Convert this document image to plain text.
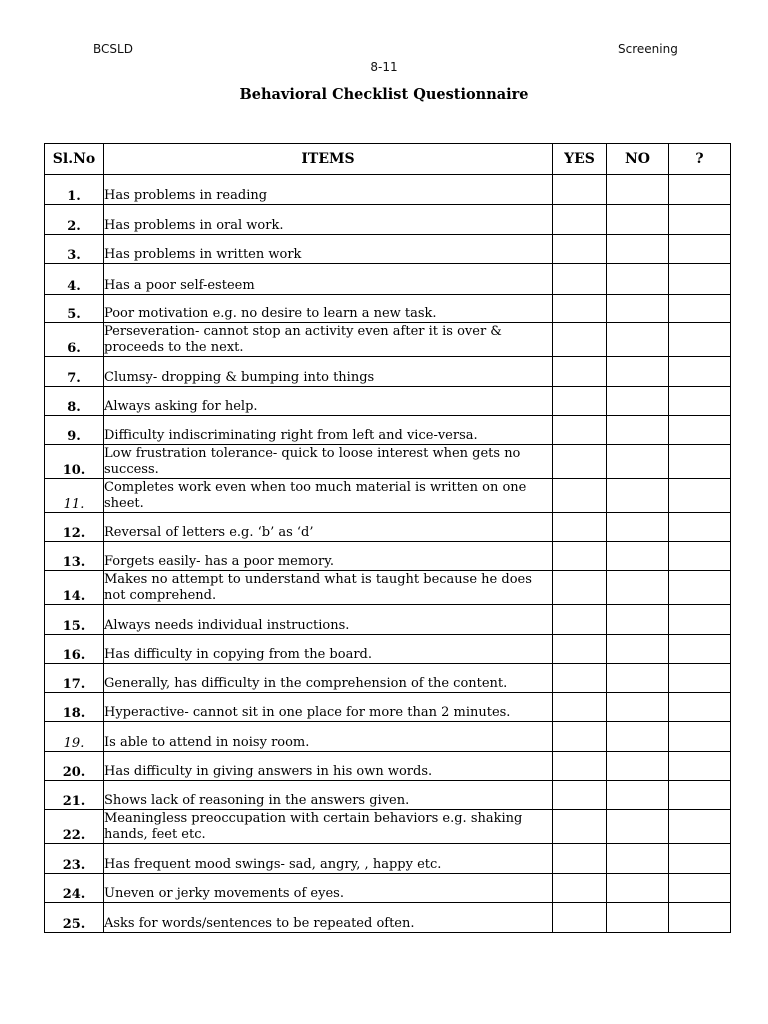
BCSLD	Screening
8-11
Behavioral Checklist Questionnaire
Sl.No	ITEMS	YES	NO	?
1.	Has problems in reading			
2.	Has problems in oral work.			
3.	Has problems in written work			
4.	Has a poor self-esteem			
5.	Poor motivation e.g. no desire to learn a new task.			
6.	Perseveration- cannot stop an activity even after it is over & proceeds to the next.			
7.	Clumsy- dropping & bumping into things			
8.	Always asking for help.			
9.	Difficulty indiscriminating right from left and vice-versa.			
10.	Low frustration tolerance- quick to loose interest when gets no success.			
11.	Completes work even when too much material is written on one sheet.			
12.	Reversal of letters e.g. ‘b’ as ‘d’			
13.	Forgets easily- has a poor memory.			
14.	Makes no attempt to understand what is taught because he does not comprehend.			
15.	Always needs individual instructions.			
16.	Has difficulty in copying from the board.			
17.	Generally, has difficulty in the comprehension of the content.			
18.	Hyperactive- cannot sit in one place for more than 2 minutes.			
19.	Is able to attend in noisy room.			
20.	Has difficulty in giving answers in his own words.			
21.	Shows lack of reasoning in the answers given.			
22.	Meaningless preoccupation with certain behaviors e.g. shaking hands, feet etc.			
23.	Has frequent mood swings- sad, angry, , happy etc.			
24.	Uneven or jerky movements of eyes.			
25.	Asks for words/sentences to be repeated often.			
